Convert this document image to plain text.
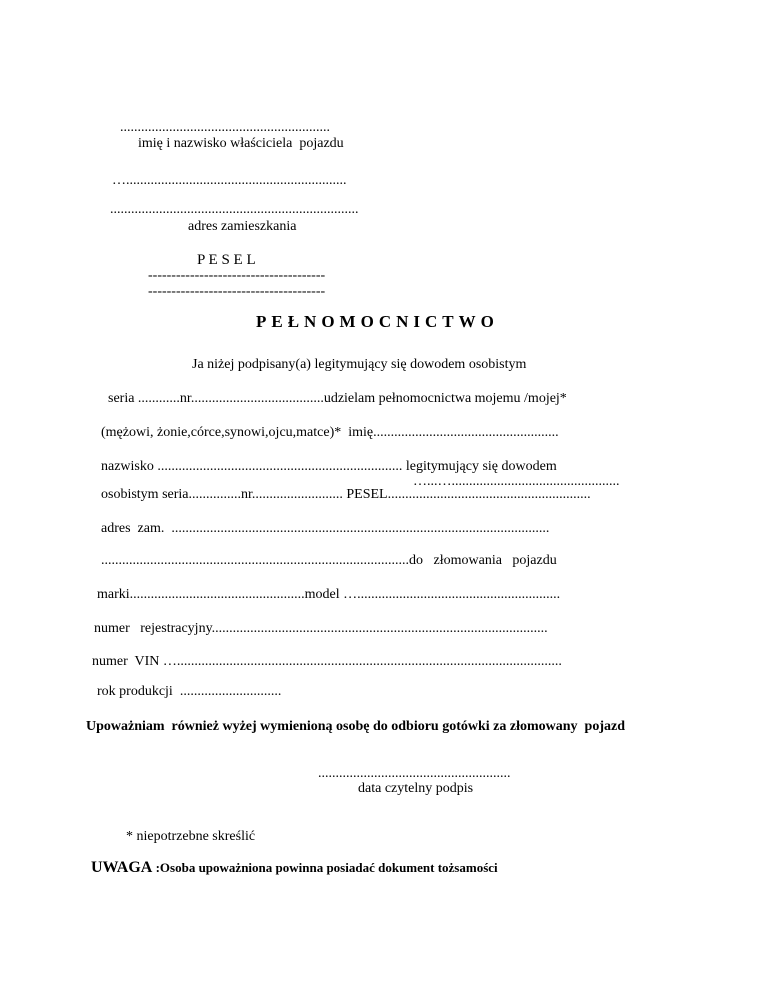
............................................................
imię i nazwisko właściciela  pojazdu
…...............................................................
.......................................................................
adres zamieszkania
P E S E L
--------------------------------------
--------------------------------------
PEŁNOMOCNICTWO
Ja niżej podpisany(a) legitymujący się dowodem osobistym
seria ............nr......................................udzielam pełnomocnictwa mojemu /mojej*
(mężowi, żonie,córce,synowi,ojcu,matce)*  imię.....................................................
nazwisko ...................................................................... legitymujący się dowodem
…...…................................................
osobistym seria...............nr.......................... PESEL..........................................................
adres  zam.  ............................................................................................................
........................................................................................do   złomowania   pojazdu
marki..................................................model …..........................................................
numer   rejestracyjny................................................................................................
numer  VIN …..............................................................................................................
rok produkcji  .............................
Upoważniam  również wyżej wymienioną osobę do odbioru gotówki za złomowany  pojazd
.......................................................
data czytelny podpis
* niepotrzebne skreślić
UWAGA :Osoba upoważniona powinna posiadać dokument tożsamości
